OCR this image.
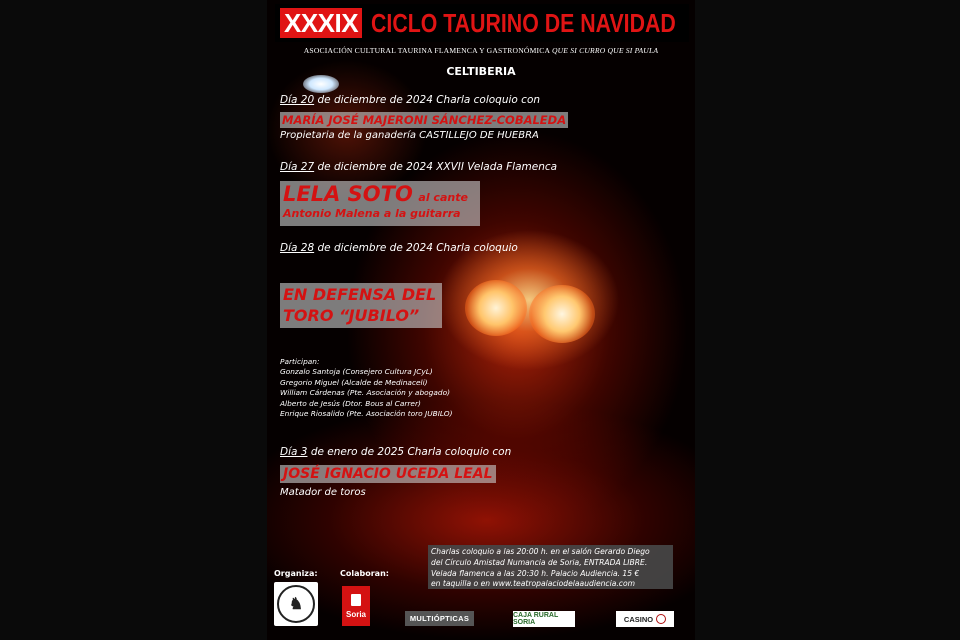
XXXIX CICLO TAURINO DE NAVIDAD
ASOCIACIÓN CULTURAL TAURINA FLAMENCA Y GASTRONÓMICA QUE SI CURRO QUE SI PAULA
CELTIBERIA
Día 20 de diciembre de 2024 Charla coloquio con
MARÍA JOSÉ MAJERONI SÁNCHEZ-COBALEDA
Propietaria de la ganadería CASTILLEJO DE HUEBRA
Día 27 de diciembre de 2024 XXVII Velada Flamenca
LELA SOTO al cante
Antonio Malena a la guitarra
Día 28 de diciembre de 2024 Charla coloquio
EN DEFENSA DEL
TORO “JUBILO”
Participan:
Gonzalo Santoja (Consejero Cultura JCyL)
Gregorio Miguel (Alcalde de Medinaceli)
William Cárdenas (Pte. Asociación y abogado)
Alberto de Jesús (Dtor. Bous al Carrer)
Enrique Riosalido (Pte. Asociación toro JUBILO)
Día 3 de enero de 2025 Charla coloquio con
JOSÉ IGNACIO UCEDA LEAL
Matador de toros
Charlas coloquio a las 20:00 h. en el salón Gerardo Diego
del Círculo Amistad Numancia de Soria, ENTRADA LIBRE.
Velada flamenca a las 20:30 h. Palacio Audiencia. 15 €
en taquilla o en www.teatropalaciodelaaudiencia.com
Organiza:	Colaboran:
♞
Soria	MULTIÓPTICAS	CAJA RURAL SORIA	CASINO
